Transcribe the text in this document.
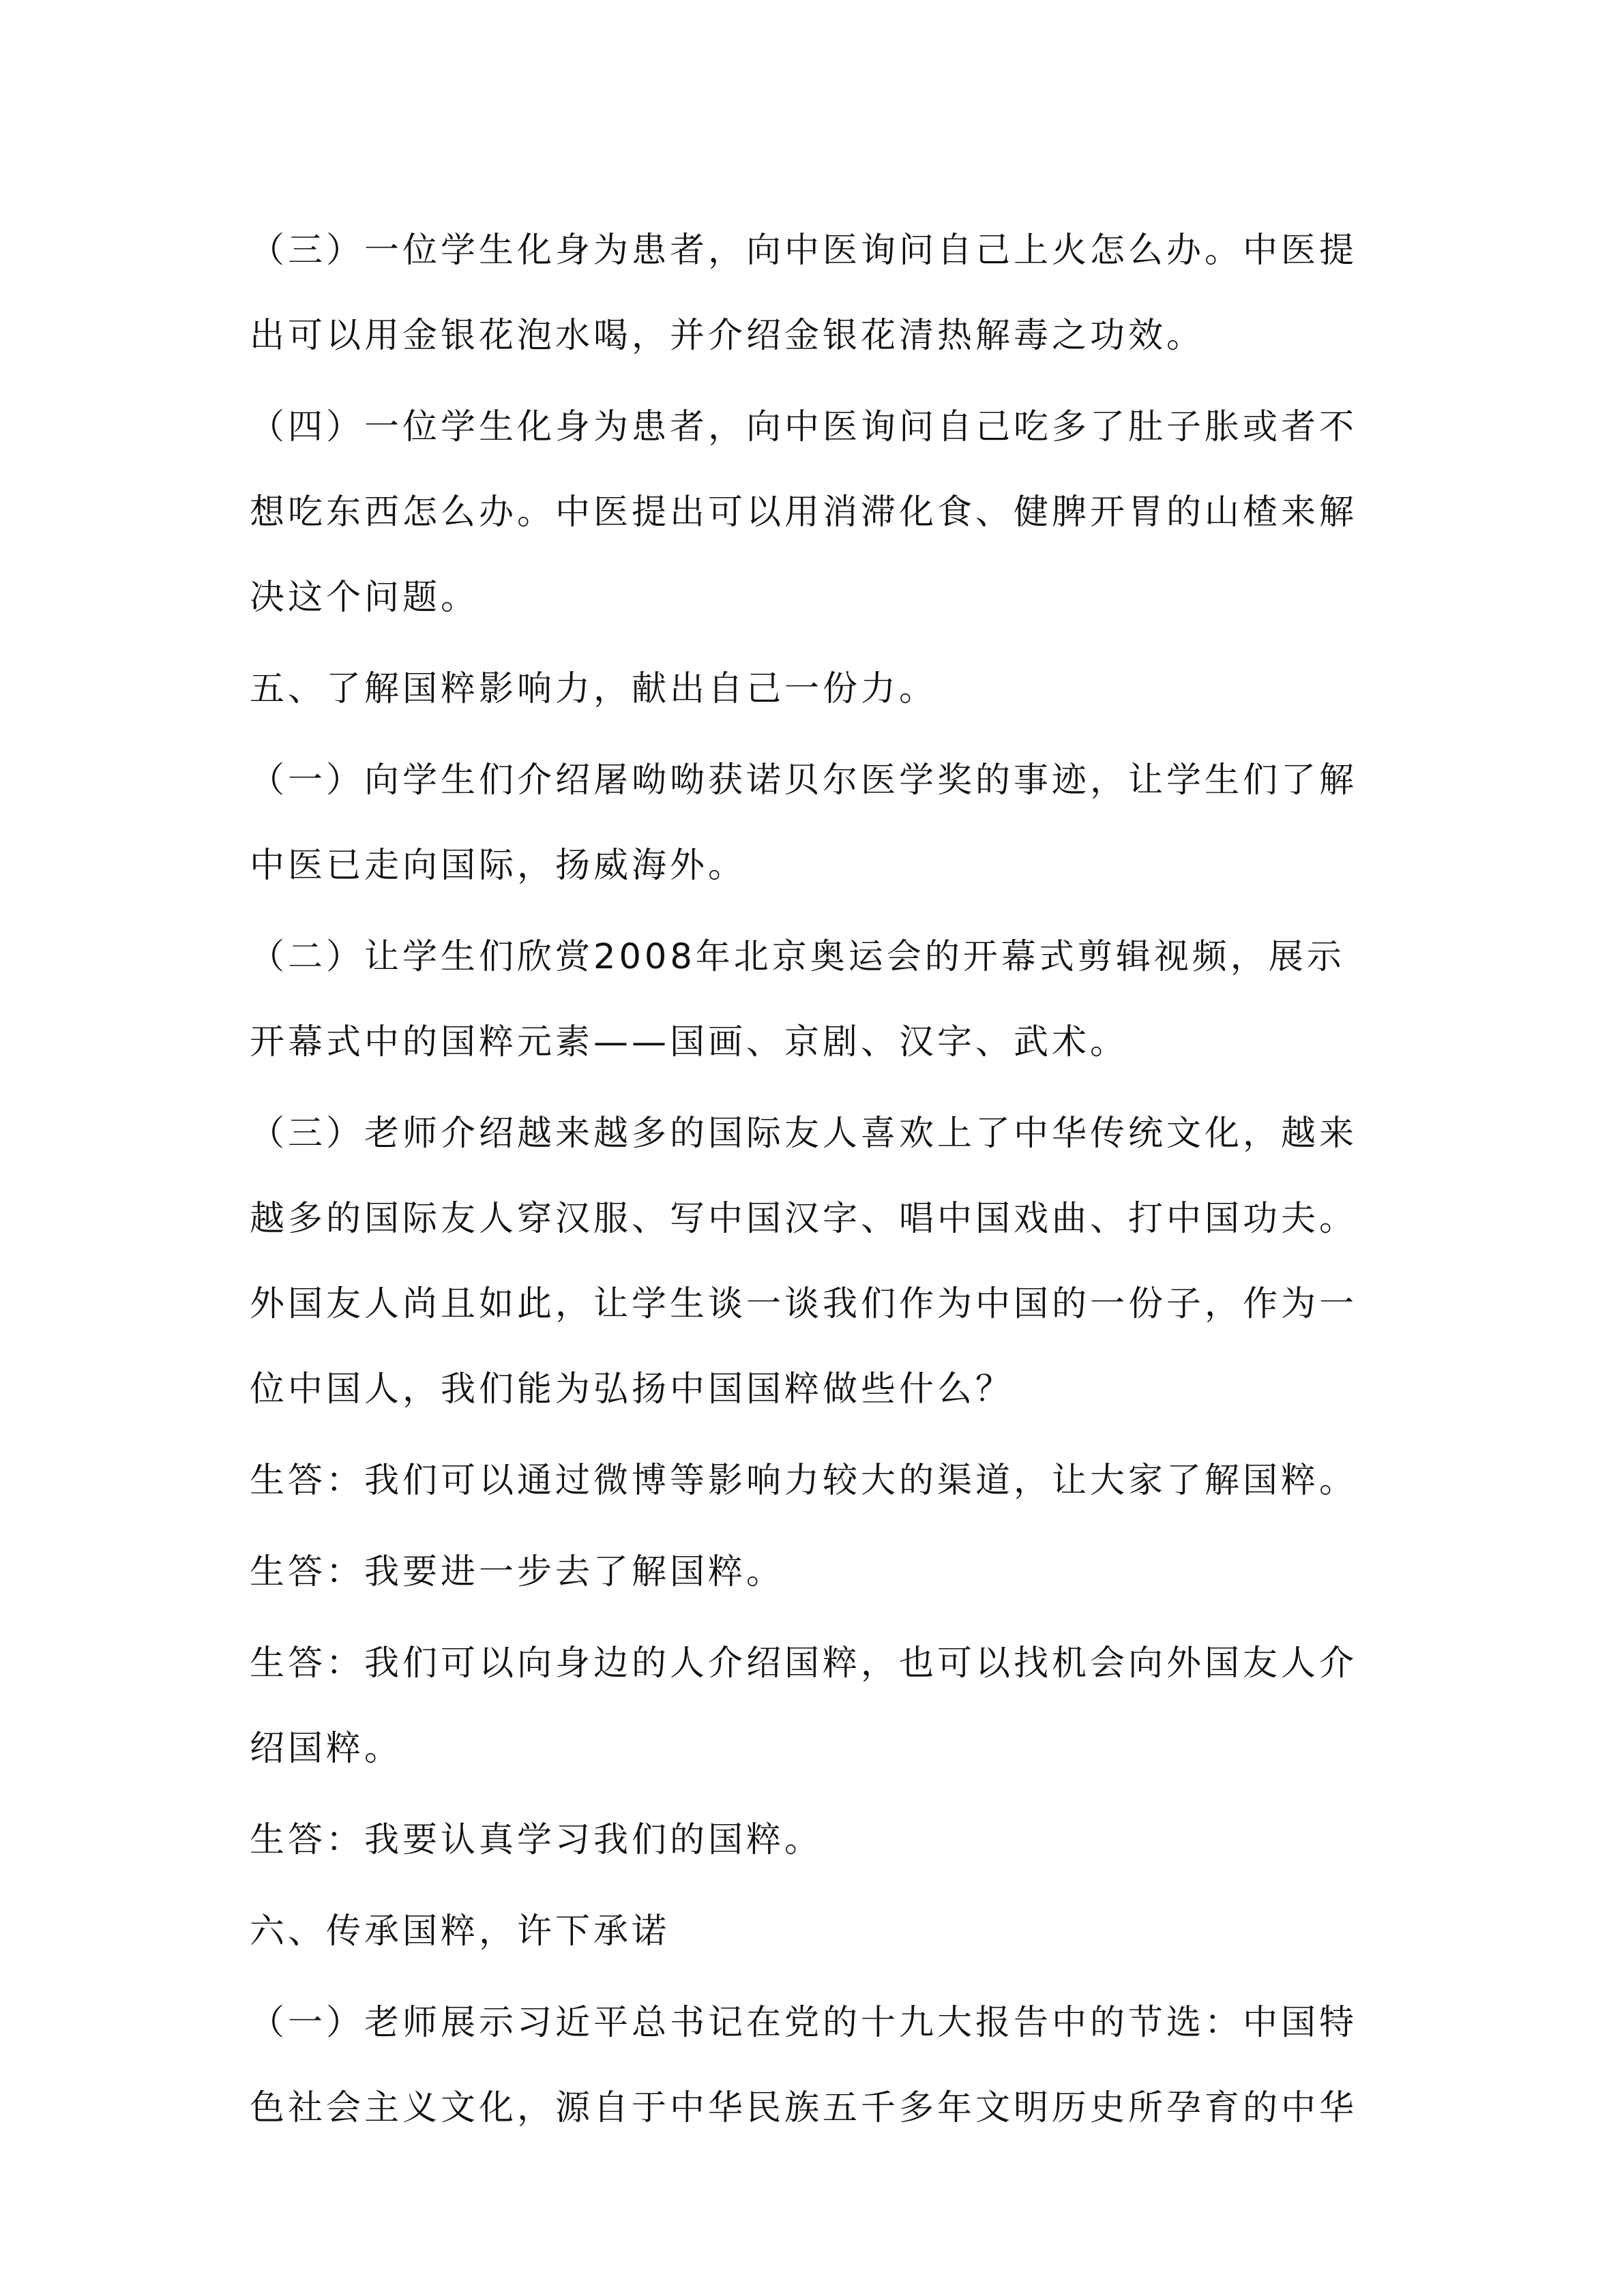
（三）一位学生化身为患者，向中医询问自己上火怎么办。中医提出可以用金银花泡水喝，并介绍金银花清热解毒之功效。

（四）一位学生化身为患者，向中医询问自己吃多了肚子胀或者不想吃东西怎么办。中医提出可以用消滞化食、健脾开胃的山楂来解决这个问题。

五、了解国粹影响力，献出自己一份力。

（一）向学生们介绍屠呦呦获诺贝尔医学奖的事迹，让学生们了解中医已走向国际，扬威海外。

（二）让学生们欣赏2008年北京奥运会的开幕式剪辑视频，展示开幕式中的国粹元素——国画、京剧、汉字、武术。

（三）老师介绍越来越多的国际友人喜欢上了中华传统文化，越来越多的国际友人穿汉服、写中国汉字、唱中国戏曲、打中国功夫。外国友人尚且如此，让学生谈一谈我们作为中国的一份子，作为一位中国人，我们能为弘扬中国国粹做些什么？

生答：我们可以通过微博等影响力较大的渠道，让大家了解国粹。

生答：我要进一步去了解国粹。

生答：我们可以向身边的人介绍国粹，也可以找机会向外国友人介绍国粹。

生答：我要认真学习我们的国粹。

六、传承国粹，许下承诺

（一）老师展示习近平总书记在党的十九大报告中的节选：中国特色社会主义文化，源自于中华民族五千多年文明历史所孕育的中华
